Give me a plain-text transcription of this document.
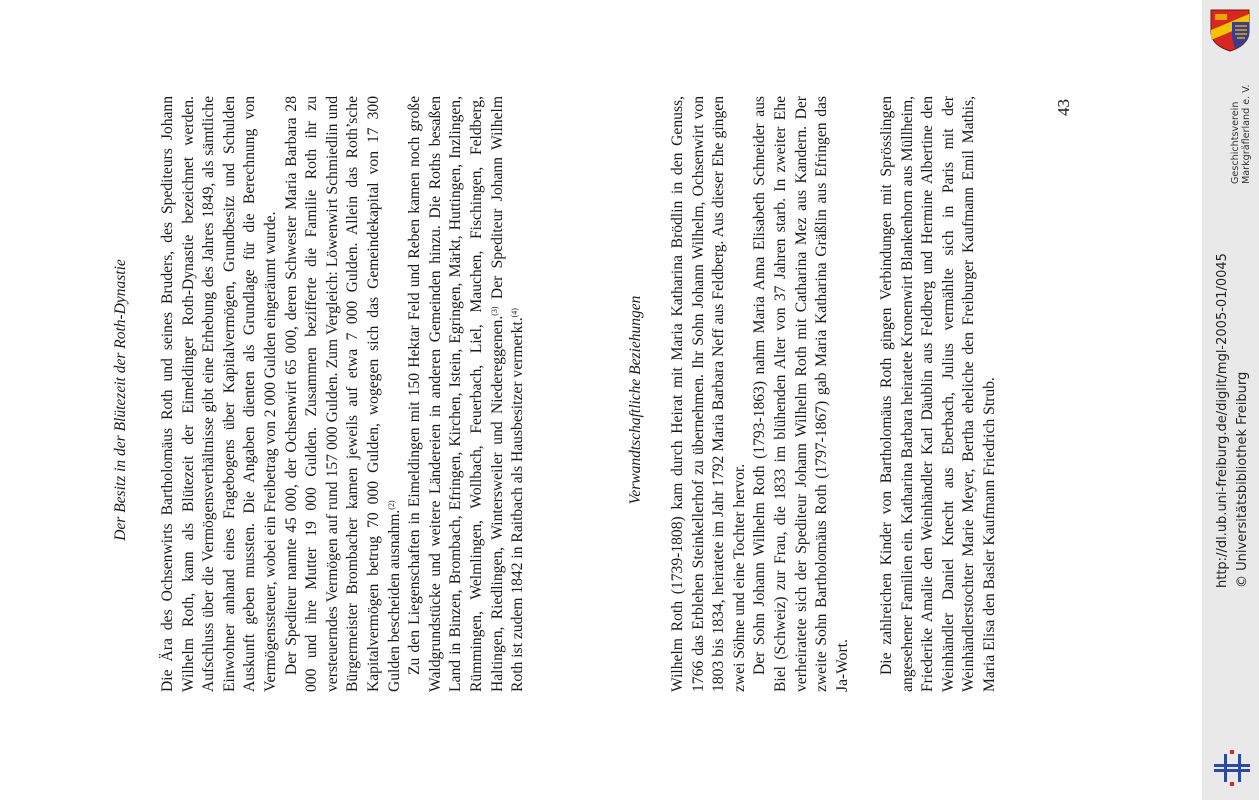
Der Besitz in der Blütezeit der Roth-Dynastie Die Ära des Ochsenwirts Bartholomäus Roth und seines Bruders, des Spediteurs Johann Wilhelm Roth, kann als Blütezeit der Eimeldinger Roth-Dynastie bezeichnet werden. Aufschluss über die Vermögensverhältnisse gibt eine Erhebung des Jahres 1849, als sämtliche Einwohner anhand eines Fragebogens über Kapitalvermögen, Grundbesitz und Schulden Auskunft geben mussten. Die Angaben dienten als Grundlage für die Berechnung von Vermögenssteuer, wobei ein Freibetrag von 2 000 Gulden eingeräumt wurde. Der Spediteur nannte 45 000, der Ochsenwirt 65 000, deren Schwester Maria Barbara 28 000 und ihre Mutter 19 000 Gulden. Zusammen bezifferte die Familie Roth ihr zu versteuerndes Vermögen auf rund 157 000 Gulden. Zum Vergleich: Löwenwirt Schmiedlin und Bürgermeister Brombacher kamen jeweils auf etwa 7 000 Gulden. Allein das Roth’sche Kapitalvermögen betrug 70 000 Gulden, wogegen sich das Gemeindekapital von 17 300 Gulden bescheiden ausnahm.$^{(2)}$ Zu den Liegenschaften in Eimeldingen mit 150 Hektar Feld und Reben kamen noch große Waldgrundstücke und weitere Ländereien in anderen Gemeinden hinzu. Die Roths besaßen Land in Binzen, Brombach, Efringen, Kirchen, Istein, Egringen, Märkt, Huttingen, Inzlingen, Rümmingen, Welmlingen, Wollbach, Feuerbach, Liel, Mauchen, Fischingen, Feldberg, Haltingen, Riedlingen, Wintersweiler und Niedereggenen.$^{(3)}$ Der Spediteur Johann Wilhelm Roth ist zudem 1842 in Raitbach als Hausbesitzer vermerkt.$^{(4)}$	Verwandtschaftliche Beziehungen Wilhelm Roth (1739-1808) kam durch Heirat mit Maria Katharina Brödlin in den Genuss, 1766 das Erblehen Steinkellerhof zu übernehmen. Ihr Sohn Johann Wilhelm, Ochsenwirt von 1803 bis 1834, heiratete im Jahr 1792 Maria Barbara Neff aus Feldberg. Aus dieser Ehe gingen zwei Söhne und eine Tochter hervor. Der Sohn Johann Wilhelm Roth (1793-1863) nahm Maria Anna Elisabeth Schneider aus Biel (Schweiz) zur Frau, die 1833 im blühenden Alter von 37 Jahren starb. In zweiter Ehe verheiratete sich der Spediteur Johann Wilhelm Roth mit Catharina Mez aus Kandern. Der zweite Sohn Bartholomäus Roth (1797-1867) gab Maria Katharina Gräßlin aus Efringen das Ja-Wort. Die zahlreichen Kinder von Bartholomäus Roth gingen Verbindungen mit Sprösslingen angesehener Familien ein. Katharina Barbara heiratete Kronenwirt Blankenhorn aus Müllheim, Friederike Amalie den Weinhändler Karl Däublin aus Feldberg und Hermine Albertine den Weinhändler Daniel Knecht aus Eberbach, Julius vermählte sich in Paris mit der Weinhändlerstochter Marie Meyer, Bertha eheliche den Freiburger Kaufmann Emil Mathis, Maria Elisa den Basler Kaufmann Friedrich Strub.

43

http://dl.ub.uni-freiburg.de/diglit/mgl-2005-01/0045 © Universitätsbibliothek Freiburg
Geschichtsverein Markgräflerland e. V.
